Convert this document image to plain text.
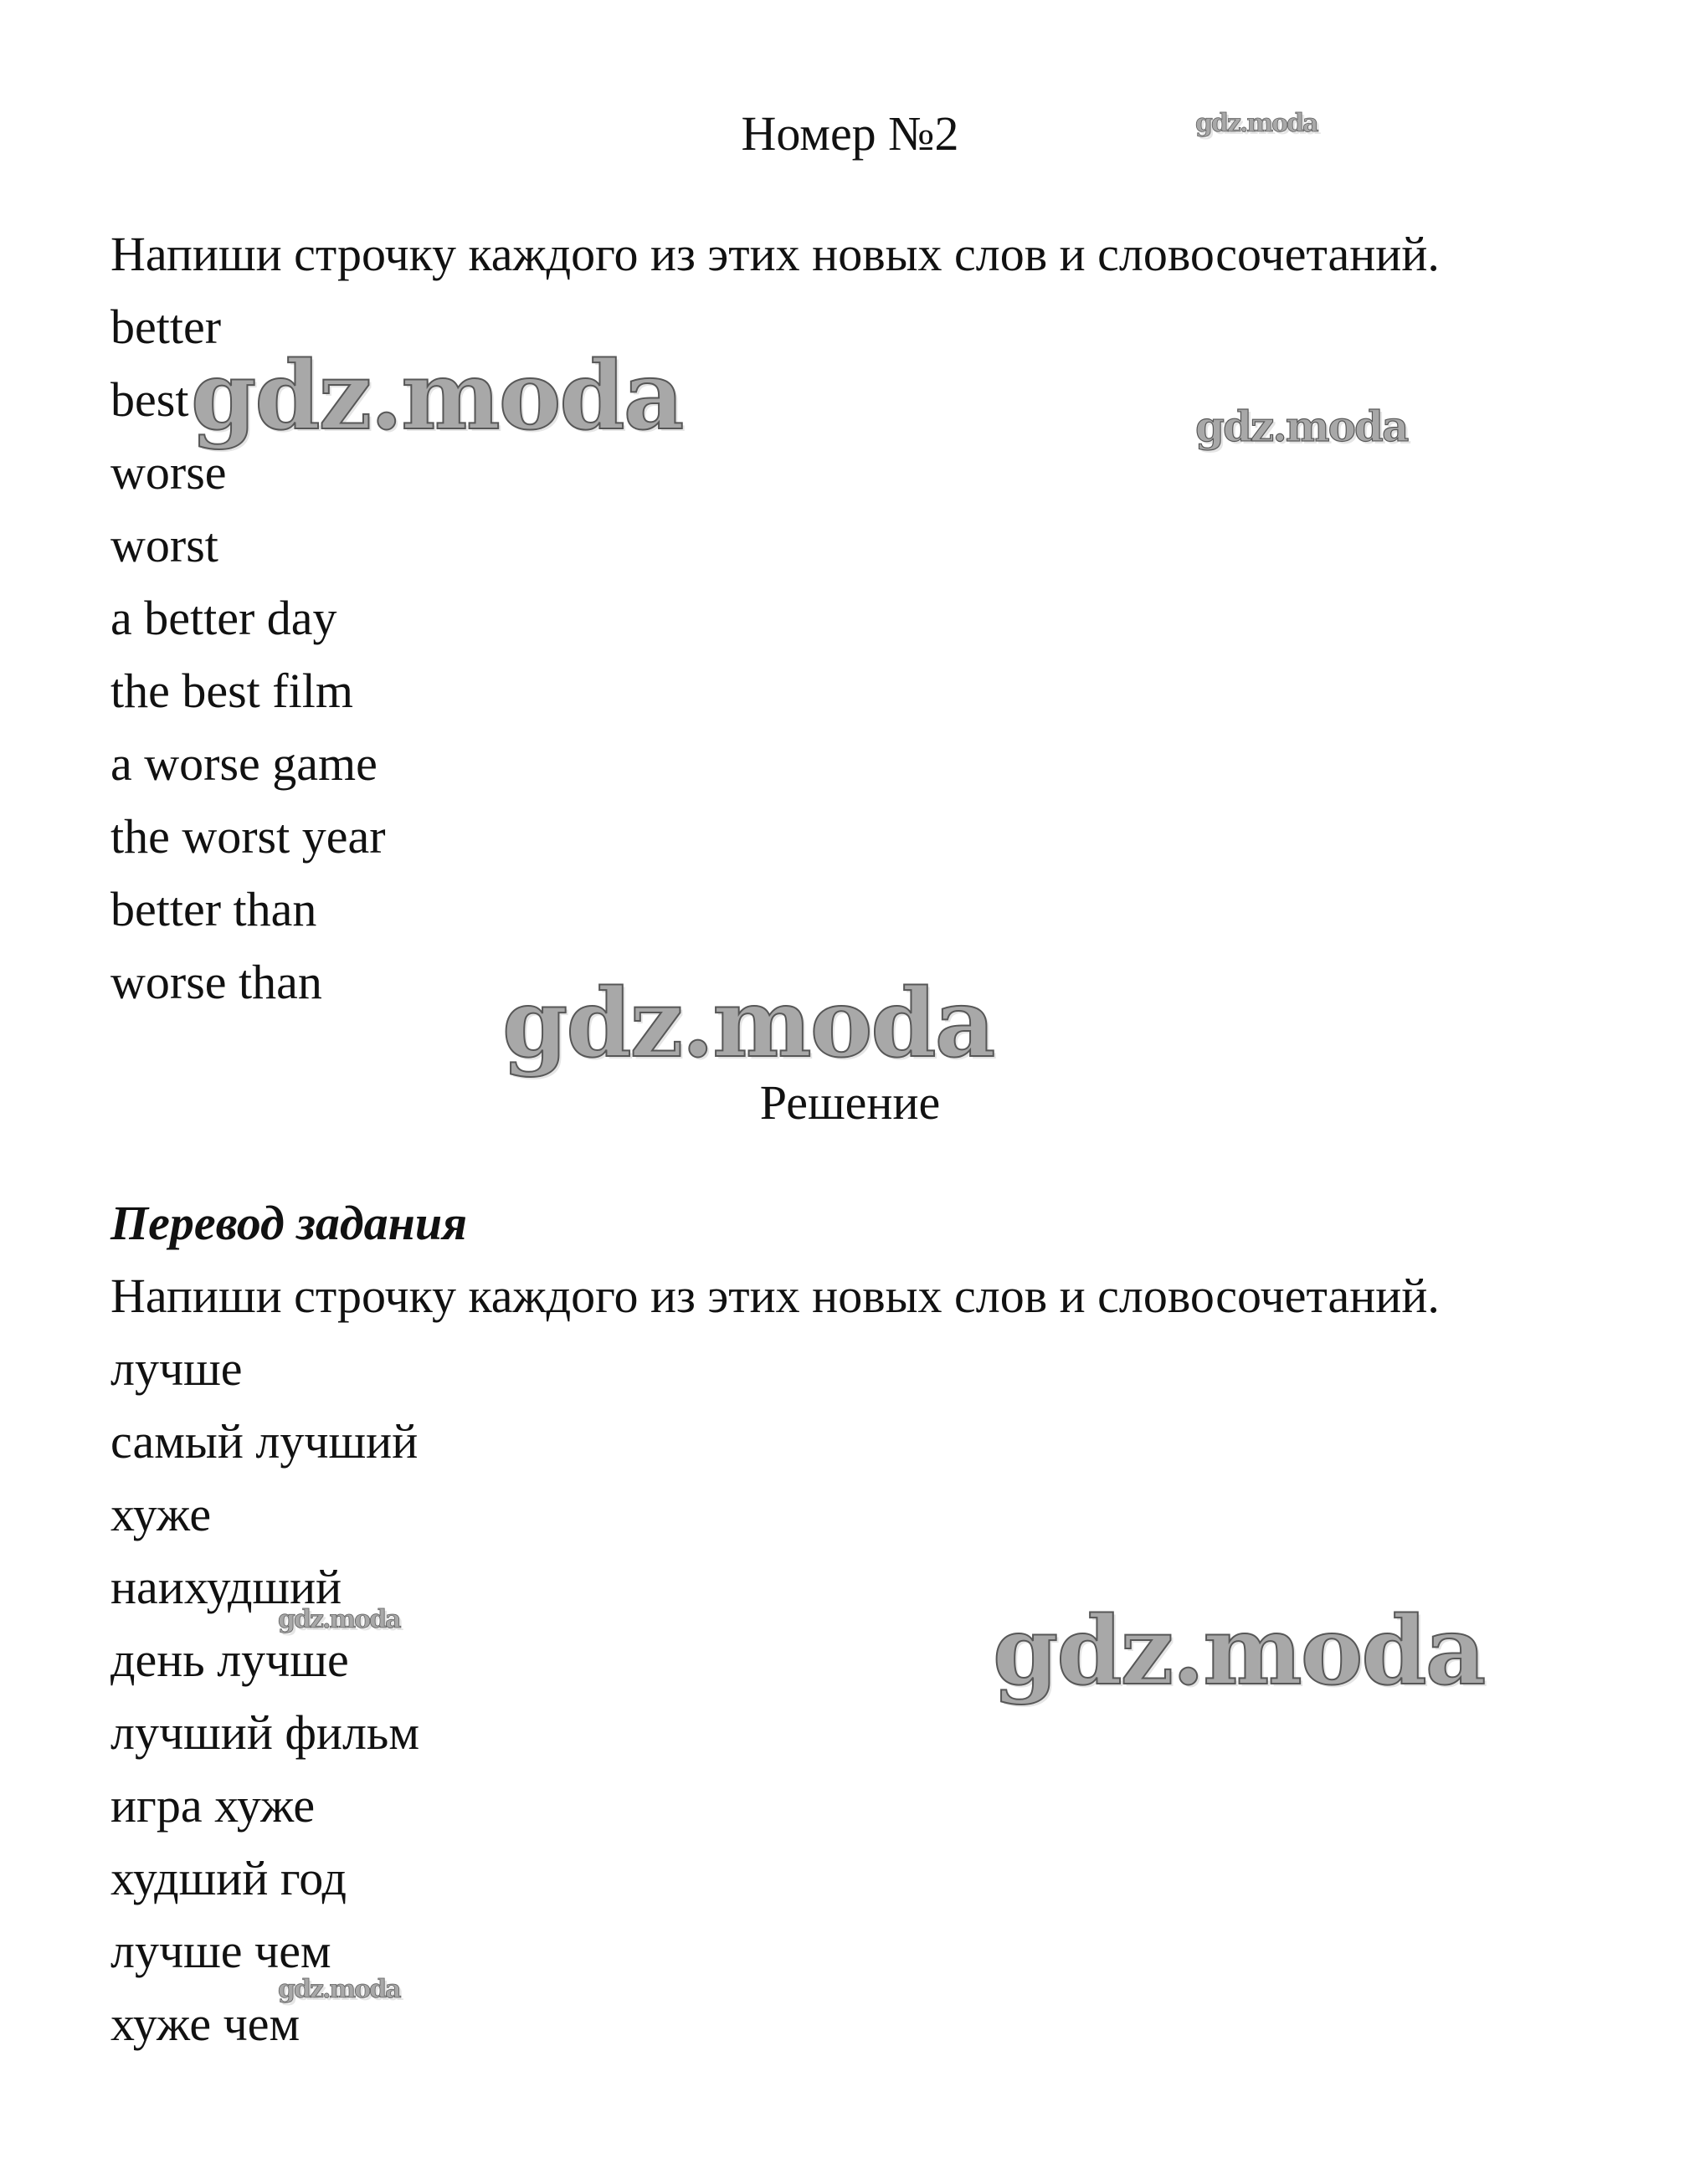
Номер №2
Напиши строчку каждого из этих новых слов и словосочетаний.
better
best
worse
worst
a better day
the best film
a worse game
the worst year
better than
worse than
Решение
Перевод задания
Напиши строчку каждого из этих новых слов и словосочетаний.
лучше
самый лучший
хуже
наихудший
день лучше
лучший фильм
игра хуже
худший год
лучше чем
хуже чем
gdz.moda
gdz.moda	gdz.moda
gdz.moda
gdz.moda	gdz.moda
gdz.moda
